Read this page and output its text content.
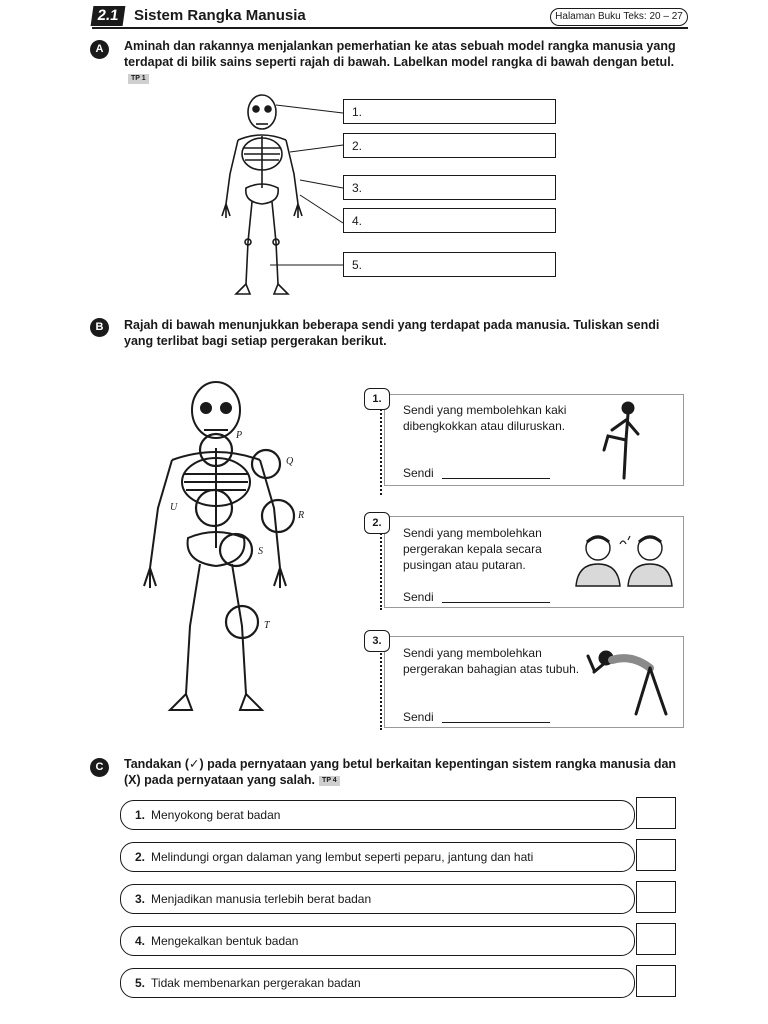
2.1 Sistem Rangka Manusia	Halaman Buku Teks: 20 – 27
A	Aminah dan rakannya menjalankan pemerhatian ke atas sebuah model rangka manusia yang terdapat di bilik sains seperti rajah di bawah. Labelkan model rangka di bawah dengan betul.TP 1
1.
2.
3.
4.
5.
B	Rajah di bawah menunjukkan beberapa sendi yang terdapat pada manusia. Tuliskan sendi yang terlibat bagi setiap pergerakan berikut.
P
Q
R
S
T
U
1.
Sendi yang membolehkan kaki dibengkokkan atau diluruskan.
Sendi
2.
Sendi yang membolehkan pergerakan kepala secara pusingan atau putaran.
Sendi
3.
Sendi yang membolehkan pergerakan bahagian atas tubuh.
Sendi
C	Tandakan (✓) pada pernyataan yang betul berkaitan kepentingan sistem rangka manusia dan (X) pada pernyataan yang salah. TP 4
1. Menyokong berat badan
2. Melindungi organ dalaman yang lembut seperti peparu, jantung dan hati
3. Menjadikan manusia terlebih berat badan
4. Mengekalkan bentuk badan
5. Tidak membenarkan pergerakan badan
